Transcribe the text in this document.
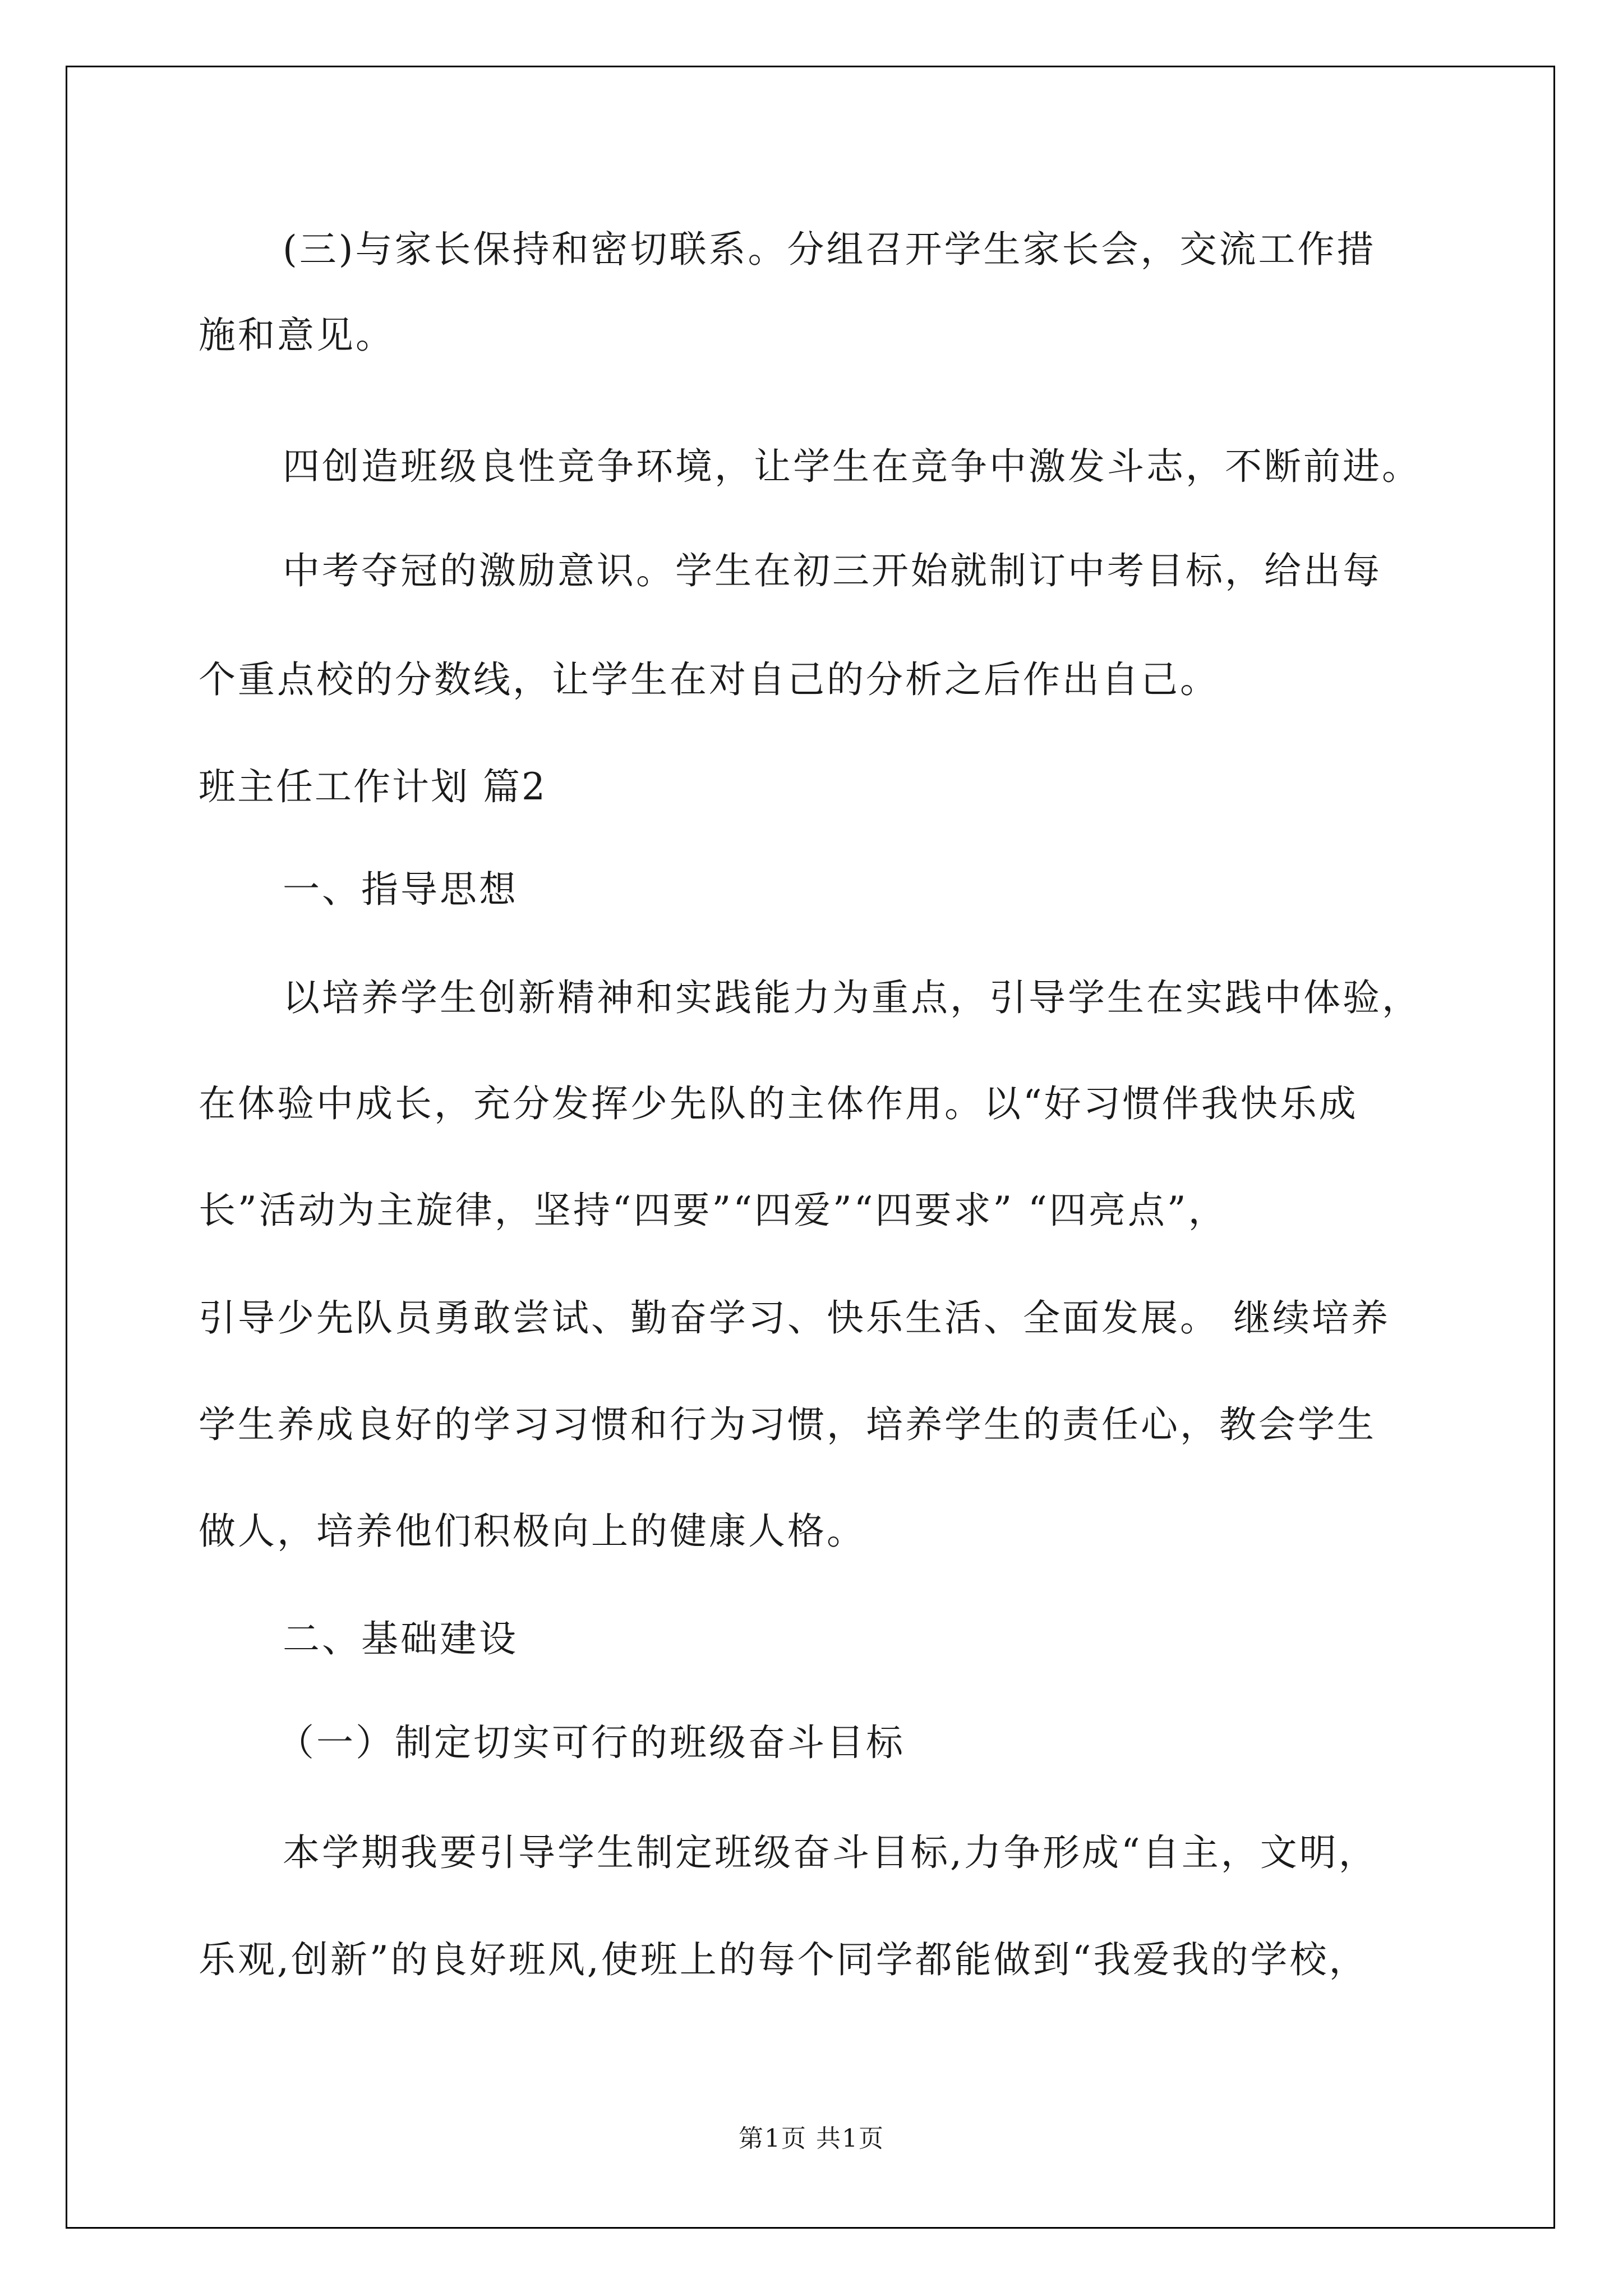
(三)与家长保持和密切联系。分组召开学生家长会，交流工作措
施和意见。
四创造班级良性竞争环境，让学生在竞争中激发斗志，不断前进。
中考夺冠的激励意识。学生在初三开始就制订中考目标，给出每
个重点校的分数线，让学生在对自己的分析之后作出自己。
班主任工作计划 篇2
一、指导思想
以培养学生创新精神和实践能力为重点，引导学生在实践中体验，
在体验中成长，充分发挥少先队的主体作用。以“好习惯伴我快乐成
长”活动为主旋律，坚持“四要”“四爱”“四要求” “四亮点”，
引导少先队员勇敢尝试、勤奋学习、快乐生活、全面发展。 继续培养
学生养成良好的学习习惯和行为习惯，培养学生的责任心，教会学生
做人，培养他们积极向上的健康人格。
二、基础建设
（一）制定切实可行的班级奋斗目标
本学期我要引导学生制定班级奋斗目标,力争形成“自主，文明，
乐观,创新”的良好班风,使班上的每个同学都能做到“我爱我的学校，
第1页 共1页
